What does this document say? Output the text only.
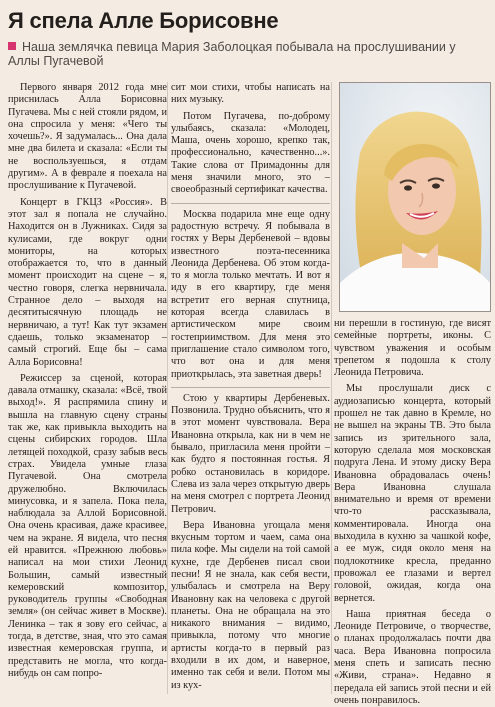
Я спела Алле Борисовне
Наша землячка певица Мария Заболоцкая побывала на прослушивании у Аллы Пугачевой

Первого января 2012 года мне приснилась Алла Борисовна Пугачева. Мы с ней стояли рядом, и она спросила у меня: «Чего ты хочешь?». Я задумалась... Она дала мне два билета и сказала: «Если ты не воспользуешься, я отдам другим». А в феврале я поехала на прослушивание к Пугачевой.

Концерт в ГКЦЗ «Россия». В этот зал я попала не случайно. Находится он в Лужниках. Сидя за кулисами, где вокруг одни мониторы, на которых отображается то, что в данный момент происходит на сцене – я, честно говоря, слегка нервничала. Странное дело – выходя на десятитысячную площадь не нервничаю, а тут! Как тут экзамен сдаешь, только экзаменатор – самый строгий. Еще бы – сама Алла Борисовна!

Режиссер за сценой, которая давала отмашку, сказала: «Всё, твой выход!». Я распрямила спину и вышла на главную сцену страны так же, как привыкла выходить на сцены сибирских городов. Шла летящей походкой, сразу забыв весь страх. Увидела умные глаза Пугачевой. Она смотрела дружелюбно. Включилась минусовка, и я запела. Пока пела, наблюдала за Аллой Борисовной. Она очень красивая, даже красивее, чем на экране. Я видела, что песня ей нравится. «Прежнюю любовь» написал на мои стихи Леонид Большин, самый известный кемеровский композитор, руководитель группы «Свободная земля» (он сейчас живет в Москве). Ленинка – так я зову его сейчас, а тогда, в детстве, зная, что это самая известная кемеровская группа, и представить не могла, что когда-нибудь он сам попро-

сит мои стихи, чтобы написать на них музыку.

Потом Пугачева, по-доброму улыбаясь, сказала: «Молодец, Маша, очень хорошо, крепко так, профессионально, качественно...». Такие слова от Примадонны для меня значили много, это – своеобразный сертификат качества.

Москва подарила мне еще одну радостную встречу. Я побывала в гостях у Веры Дербеневой – вдовы известного поэта-песенника Леонида Дербенева. Об этом когда-то я могла только мечтать. И вот я иду в его квартиру, где меня встретит его верная спутница, которая всегда славилась в артистическом мире своим гостеприимством. Для меня это приглашение стало символом того, что вот она и для меня приоткрылась, эта заветная дверь!

Стою у квартиры Дербеневых. Позвонила. Трудно объяснить, что я в этот момент чувствовала. Вера Ивановна открыла, как ни в чем не бывало, пригласила меня пройти – как будто я постоянная гостья. Я робко остановилась в коридоре. Слева из зала через открытую дверь на меня смотрел с портрета Леонид Петрович.

Вера Ивановна угощала меня вкусным тортом и чаем, сама она пила кофе. Мы сидели на той самой кухне, где Дербенев писал свои песни! Я не знала, как себя вести, улыбалась и смотрела на Веру Ивановну как на человека с другой планеты. Она не обращала на это никакого внимания – видимо, привыкла, потому что многие артисты когда-то в первый раз входили в их дом, и наверное, именно так себя и вели. Потом мы из кух-

ни перешли в гостиную, где висят семейные портреты, иконы. С чувством уважения и особым трепетом я подошла к столу Леонида Петровича.

Мы прослушали диск с аудиозаписью концерта, который прошел не так давно в Кремле, но не вышел на экраны ТВ. Это была запись из зрительного зала, которую сделала моя московская подруга Лена. И этому диску Вера Ивановна обрадовалась очень! Вера Ивановна слушала внимательно и время от времени что-то рассказывала, комментировала. Иногда она выходила в кухню за чашкой кофе, а ее муж, сидя около меня на подлокотнике кресла, преданно провожал ее глазами и вертел головой, ожидая, когда она вернется.

Наша приятная беседа о Леониде Петровиче, о творчестве, о планах продолжалась почти два часа. Вера Ивановна попросила меня спеть и записать песню «Живи, страна». Недавно я передала ей запись этой песни и ей очень понравилось.
